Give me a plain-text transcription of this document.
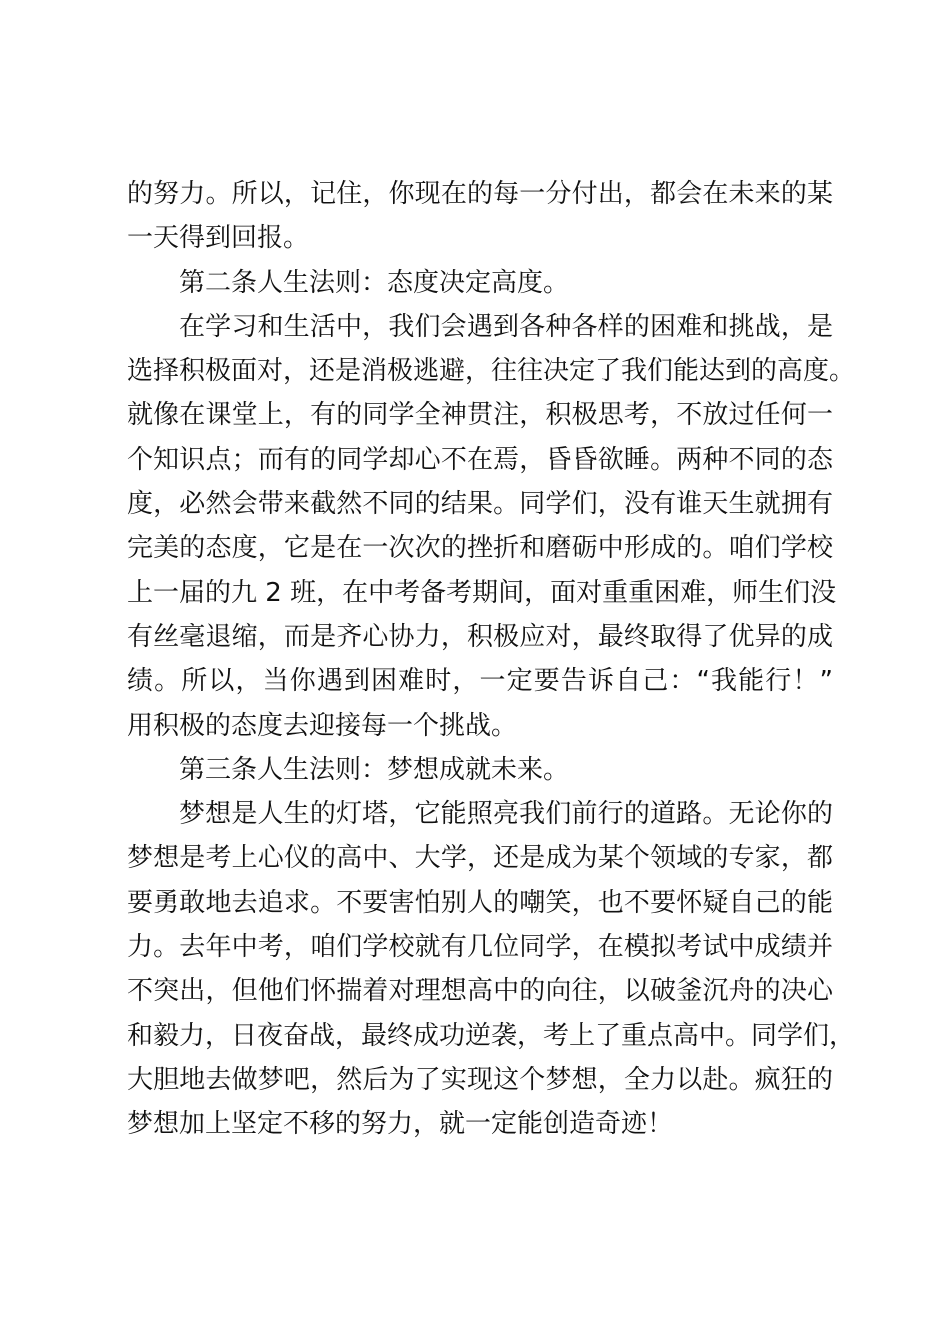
的努力。所以，记住，你现在的每一分付出，都会在未来的某
一天得到回报。
第二条人生法则：态度决定高度。
在学习和生活中，我们会遇到各种各样的困难和挑战，是
选择积极面对，还是消极逃避，往往决定了我们能达到的高度。
就像在课堂上，有的同学全神贯注，积极思考，不放过任何一
个知识点；而有的同学却心不在焉，昏昏欲睡。两种不同的态
度，必然会带来截然不同的结果。同学们，没有谁天生就拥有
完美的态度，它是在一次次的挫折和磨砺中形成的。咱们学校
上一届的九 2 班，在中考备考期间，面对重重困难，师生们没
有丝毫退缩，而是齐心协力，积极应对，最终取得了优异的成
绩。所以，当你遇到困难时，一定要告诉自己：“我能行！”
用积极的态度去迎接每一个挑战。
第三条人生法则：梦想成就未来。
梦想是人生的灯塔，它能照亮我们前行的道路。无论你的
梦想是考上心仪的高中、大学，还是成为某个领域的专家，都
要勇敢地去追求。不要害怕别人的嘲笑，也不要怀疑自己的能
力。去年中考，咱们学校就有几位同学，在模拟考试中成绩并
不突出，但他们怀揣着对理想高中的向往，以破釜沉舟的决心
和毅力，日夜奋战，最终成功逆袭，考上了重点高中。同学们，
大胆地去做梦吧，然后为了实现这个梦想，全力以赴。疯狂的
梦想加上坚定不移的努力，就一定能创造奇迹！
